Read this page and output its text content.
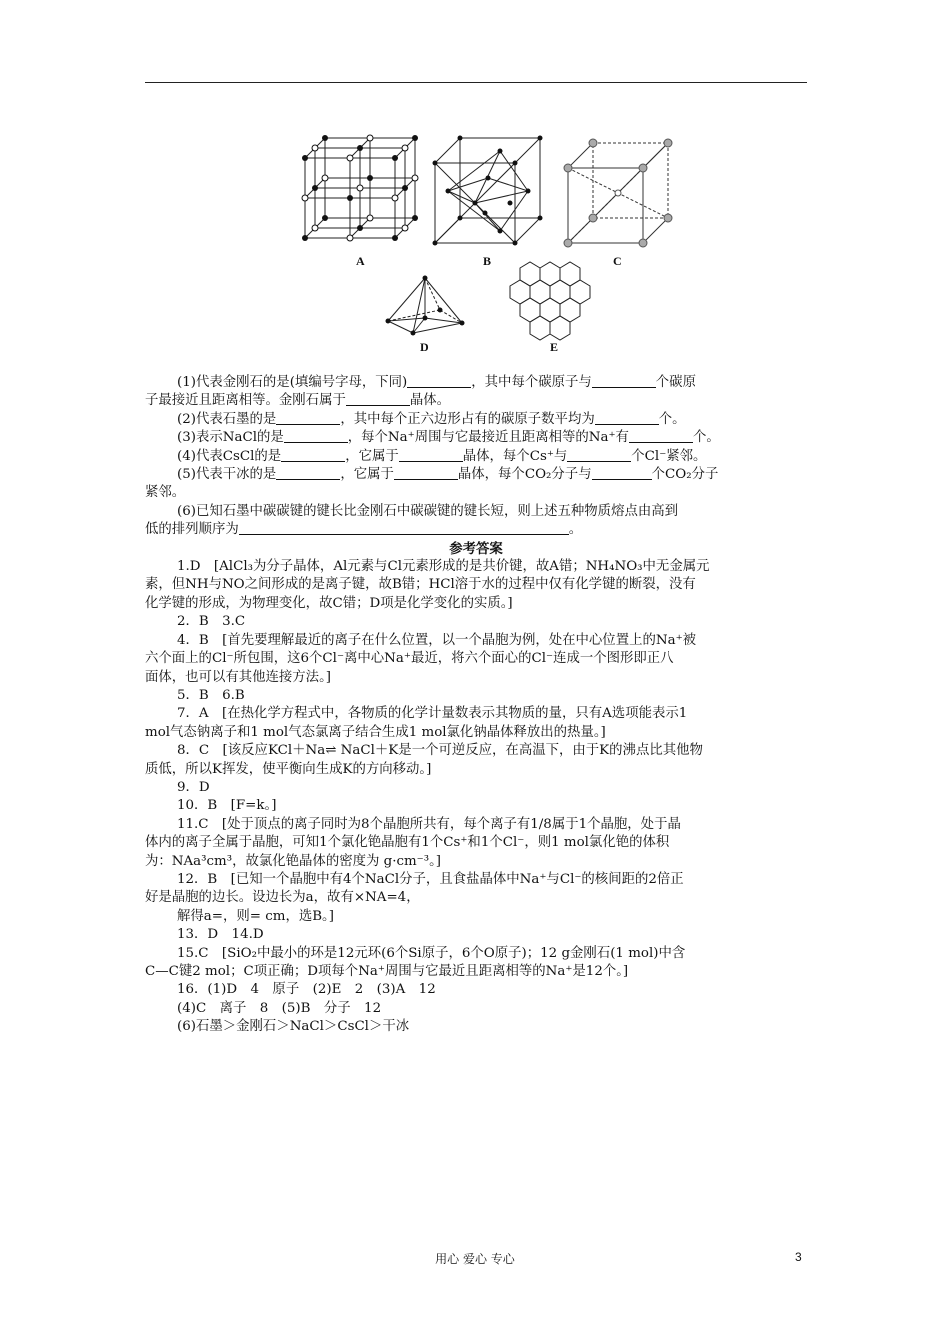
A	B	C
D	E

(1)代表金刚石的是(填编号字母，下同)	，其中每个碳原子与	个碳原

子最接近且距离相等。金刚石属于	晶体。

(2)代表石墨的是	，其中每个正六边形占有的碳原子数平均为	个。

(3)表示NaCl的是	，每个Na⁺周围与它最接近且距离相等的Na⁺有	个。

(4)代表CsCl的是	，它属于	晶体，每个Cs⁺与	个Cl⁻紧邻。

(5)代表干冰的是	，它属于	晶体，每个CO₂分子与	个CO₂分子

紧邻。

(6)已知石墨中碳碳键的键长比金刚石中碳碳键的键长短，则上述五种物质熔点由高到

低的排列顺序为	。

参考答案

1.D　[AlCl₃为分子晶体，Al元素与Cl元素形成的是共价键，故A错；NH₄NO₃中无金属元

素，但NH与NO之间形成的是离子键，故B错；HCl溶于水的过程中仅有化学键的断裂，没有

化学键的形成，为物理变化，故C错；D项是化学变化的实质。]

2．B　3.C

4．B　[首先要理解最近的离子在什么位置，以一个晶胞为例，处在中心位置上的Na⁺被

六个面上的Cl⁻所包围，这6个Cl⁻离中心Na⁺最近，将六个面心的Cl⁻连成一个图形即正八

面体，也可以有其他连接方法。]

5．B　6.B

7．A　[在热化学方程式中，各物质的化学计量数表示其物质的量，只有A选项能表示1

mol气态钠离子和1 mol气态氯离子结合生成1 mol氯化钠晶体释放出的热量。]

8．C　[该反应KCl＋Na⇌ NaCl＋K是一个可逆反应，在高温下，由于K的沸点比其他物

质低，所以K挥发，使平衡向生成K的方向移动。]

9．D

10．B　[F=k。]

11.C　[处于顶点的离子同时为8个晶胞所共有，每个离子有1/8属于1个晶胞，处于晶

体内的离子全属于晶胞，可知1个氯化铯晶胞有1个Cs⁺和1个Cl⁻，则1 mol氯化铯的体积

为：NAa³cm³，故氯化铯晶体的密度为 g·cm⁻³。]

12．B　[已知一个晶胞中有4个NaCl分子，且食盐晶体中Na⁺与Cl⁻的核间距的2倍正

好是晶胞的边长。设边长为a，故有×NA=4，

解得a=，则= cm，选B。]

13．D　14.D

15.C　[SiO₂中最小的环是12元环(6个Si原子，6个O原子)；12 g金刚石(1 mol)中含

C—C键2 mol；C项正确；D项每个Na⁺周围与它最近且距离相等的Na⁺是12个。]

16．(1)D　4　原子　(2)E　2　(3)A　12

(4)C　离子　8　(5)B　分子　12

(6)石墨＞金刚石＞NaCl＞CsCl＞干冰

用心 爱心 专心	3
